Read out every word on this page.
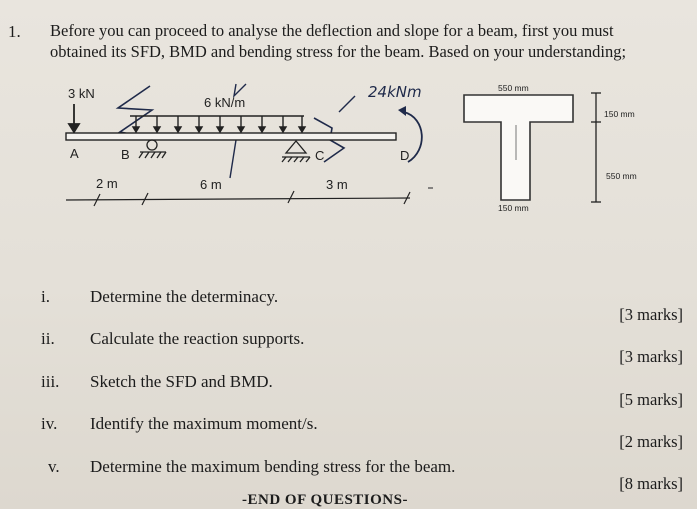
1. Before you can proceed to analyse the deflection and slope for a beam, first you must
obtained its SFD, BMD and bending stress for the beam. Based on your understanding;
3 kN
6 kN/m
A	B	C	D
24kNm
2 m	6 m	3 m
550 mm
150 mm
150 mm
550 mm
i. Determine the determinacy.
[3 marks]
ii. Calculate the reaction supports.
[3 marks]
iii. Sketch the SFD and BMD.
[5 marks]
iv. Identify the maximum moment/s.
[2 marks]
v. Determine the maximum bending stress for the beam.
[8 marks]
-END OF QUESTIONS-
